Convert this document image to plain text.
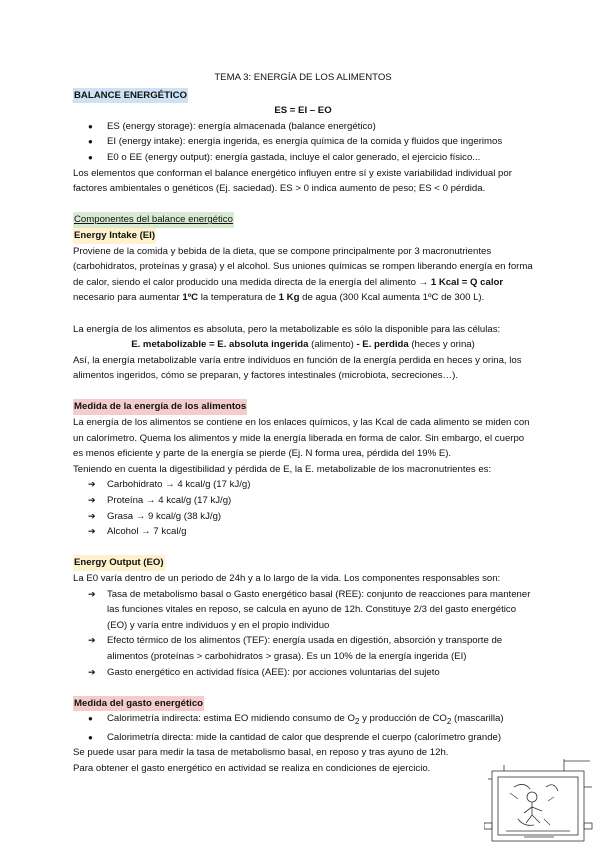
TEMA 3: ENERGÍA DE LOS ALIMENTOS

BALANCE ENERGÉTICO

ES = EI – EO

● ES (energy storage): energía almacenada (balance energético)
● EI (energy intake): energía ingerida, es energía química de la comida y fluidos que ingerimos
● E0 o EE (energy output): energía gastada, incluye el calor generado, el ejercicio físico...

Los elementos que conforman el balance energético influyen entre sí y existe variabilidad individual por factores ambientales o genéticos (Ej. saciedad). ES > 0 indica aumento de peso; ES < 0 pérdida.

Componentes del balance energético

Energy Intake (EI)

Proviene de la comida y bebida de la dieta, que se compone principalmente por 3 macronutrientes (carbohidratos, proteínas y grasa) y el alcohol. Sus uniones químicas se rompen liberando energía en forma de calor, siendo el calor producido una medida directa de la energía del alimento → 1 Kcal = Q calor necesario para aumentar 1ºC la temperatura de 1 Kg de agua (300 Kcal aumenta 1ºC de 300 L).

La energía de los alimentos es absoluta, pero la metabolizable es sólo la disponible para las células:

E. metabolizable = E. absoluta ingerida (alimento) - E. perdida (heces y orina)

Así, la energía metabolizable varía entre individuos en función de la energía perdida en heces y orina, los alimentos ingeridos, cómo se preparan, y factores intestinales (microbiota, secreciones…).

Medida de la energía de los alimentos

La energía de los alimentos se contiene en los enlaces químicos, y las Kcal de cada alimento se miden con un calorímetro. Quema los alimentos y mide la energía liberada en forma de calor. Sin embargo, el cuerpo es menos eficiente y parte de la energía se pierde (Ej. N forma urea, pérdida del 19% E).

Teniendo en cuenta la digestibilidad y pérdida de E, la E. metabolizable de los macronutrientes es:

➔ Carbohidrato → 4 kcal/g (17 kJ/g)
➔ Proteína → 4 kcal/g (17 kJ/g)
➔ Grasa → 9 kcal/g (38 kJ/g)
➔ Alcohol → 7 kcal/g

Energy Output (EO)

La E0 varía dentro de un periodo de 24h y a lo largo de la vida. Los componentes responsables son:

➔ Tasa de metabolismo basal o Gasto energético basal (REE): conjunto de reacciones para mantener las funciones vitales en reposo, se calcula en ayuno de 12h. Constituye 2/3 del gasto energético (EO) y varía entre individuos y en el propio individuo
➔ Efecto térmico de los alimentos (TEF): energía usada en digestión, absorción y transporte de alimentos (proteínas > carbohidratos > grasa). Es un 10% de la energía ingerida (EI)
➔ Gasto energético en actividad física (AEE): por acciones voluntarias del sujeto

Medida del gasto energético

● Calorimetría indirecta: estima EO midiendo consumo de $O_2$ y producción de $CO_2$ (mascarilla)
● Calorimetría directa: mide la cantidad de calor que desprende el cuerpo (calorímetro grande)

Se puede usar para medir la tasa de metabolismo basal, en reposo y tras ayuno de 12h.

Para obtener el gasto energético en actividad se realiza en condiciones de ejercicio.
